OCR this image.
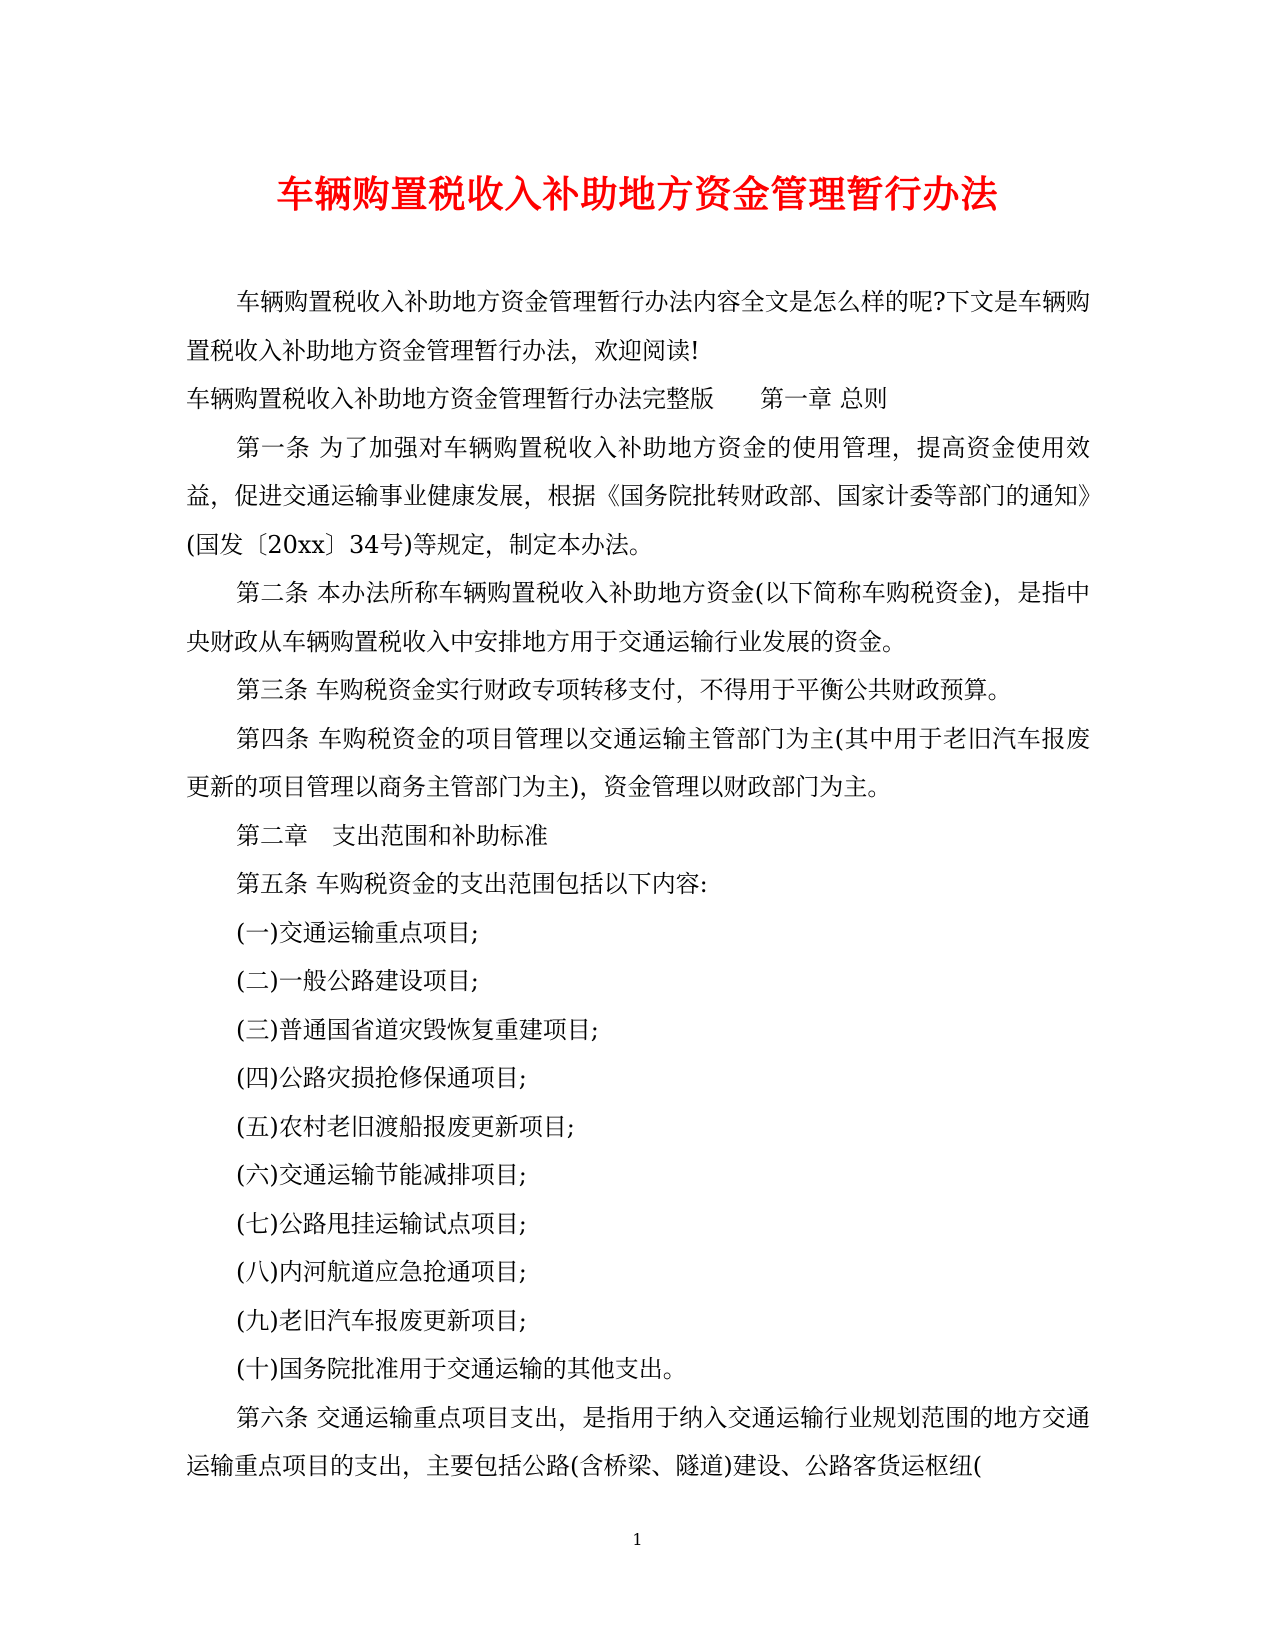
车辆购置税收入补助地方资金管理暂行办法

车辆购置税收入补助地方资金管理暂行办法内容全文是怎么样的呢?下文是车辆购置税收入补助地方资金管理暂行办法，欢迎阅读!

车辆购置税收入补助地方资金管理暂行办法完整版 第一章 总则

第一条 为了加强对车辆购置税收入补助地方资金的使用管理，提高资金使用效益，促进交通运输事业健康发展，根据《国务院批转财政部、国家计委等部门的通知》(国发〔20xx〕34号)等规定，制定本办法。

第二条 本办法所称车辆购置税收入补助地方资金(以下简称车购税资金)，是指中央财政从车辆购置税收入中安排地方用于交通运输行业发展的资金。

第三条 车购税资金实行财政专项转移支付，不得用于平衡公共财政预算。

第四条 车购税资金的项目管理以交通运输主管部门为主(其中用于老旧汽车报废更新的项目管理以商务主管部门为主)，资金管理以财政部门为主。

第二章　支出范围和补助标准

第五条 车购税资金的支出范围包括以下内容:

(一)交通运输重点项目;

(二)一般公路建设项目;

(三)普通国省道灾毁恢复重建项目;

(四)公路灾损抢修保通项目;

(五)农村老旧渡船报废更新项目;

(六)交通运输节能减排项目;

(七)公路甩挂运输试点项目;

(八)内河航道应急抢通项目;

(九)老旧汽车报废更新项目;

(十)国务院批准用于交通运输的其他支出。

第六条 交通运输重点项目支出，是指用于纳入交通运输行业规划范围的地方交通运输重点项目的支出，主要包括公路(含桥梁、隧道)建设、公路客货运枢纽(

1
